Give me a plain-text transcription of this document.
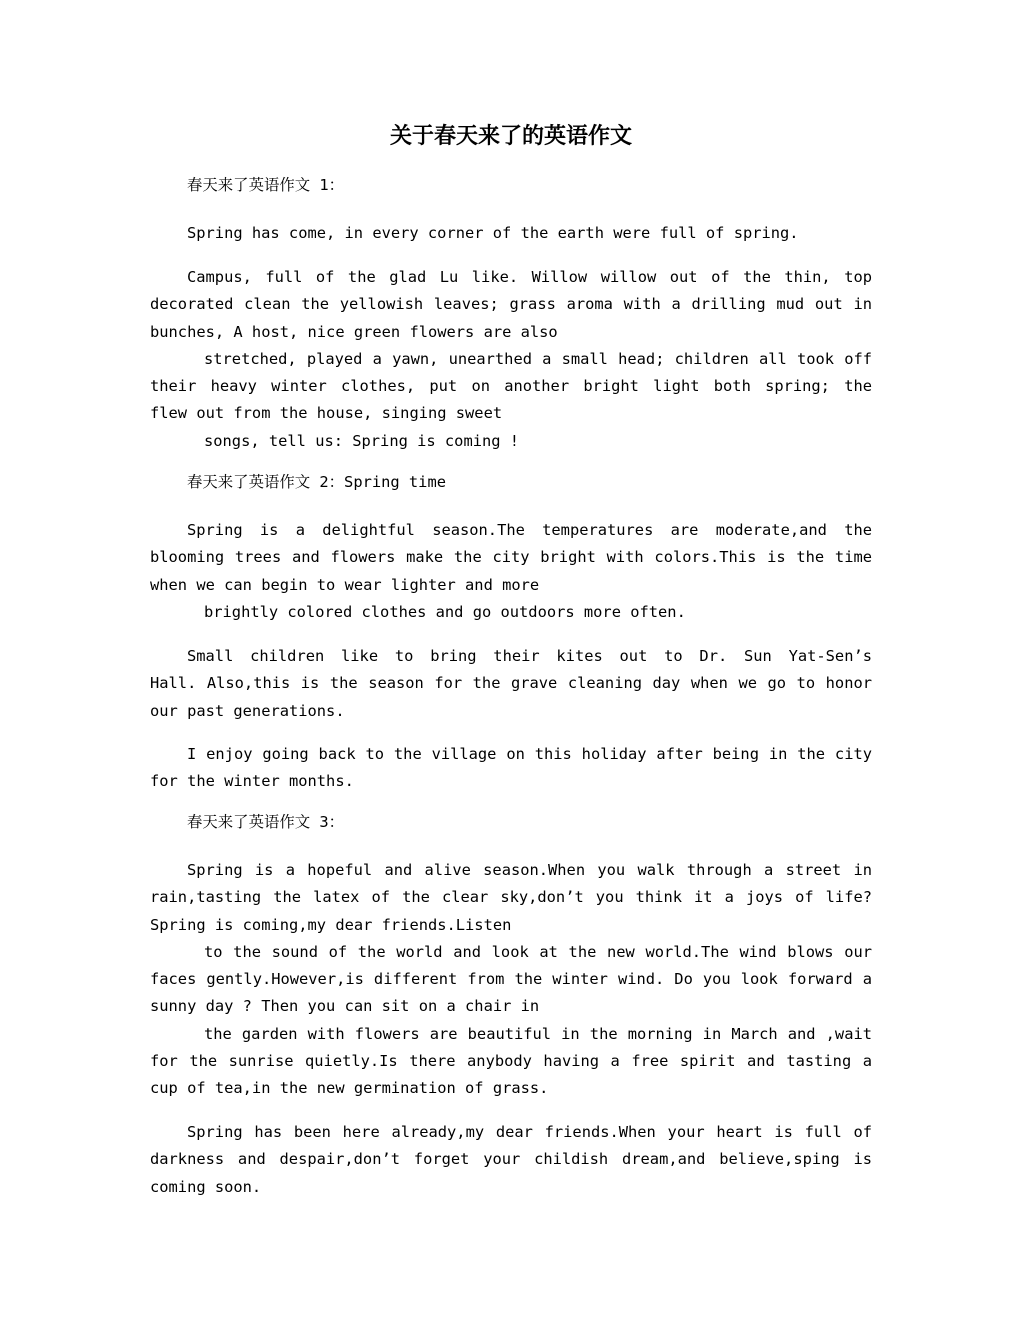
关于春天来了的英语作文
春天来了英语作文 1：
Spring has come, in every corner of the earth were full of spring.
Campus, full of the glad Lu like. Willow willow out of the thin, top
decorated clean the yellowish leaves; grass aroma with a drilling mud out in
bunches, A host, nice green flowers are also
stretched, played a yawn, unearthed a small head; children all took off
their heavy winter clothes, put on another bright light both spring; the
flew out from the house, singing sweet
songs, tell us: Spring is coming !
春天来了英语作文 2：Spring time
Spring is a delightful season.The temperatures are moderate,and the
blooming trees and flowers make the city bright with colors.This is the time
when we can begin to wear lighter and more
brightly colored clothes and go outdoors more often.
Small children like to bring their kites out to Dr. Sun Yat-Sen’s
Hall. Also,this is the season for the grave cleaning day when we go to honor
our past generations.
I enjoy going back to the village on this holiday after being in the city
for the winter months.
春天来了英语作文 3：
Spring is a hopeful and alive season.When you walk through a street in
rain,tasting the latex of the clear sky,don’t you think it a joys of life?
Spring is coming,my dear friends.Listen
to the sound of the world and look at the new world.The wind blows our
faces gently.However,is different from the winter wind. Do you look forward a
sunny day ? Then you can sit on a chair in
the garden with flowers are beautiful in the morning in March and ,wait
for the sunrise quietly.Is there anybody having a free spirit and tasting a
cup of tea,in the new germination of grass.
Spring has been here already,my dear friends.When your heart is full of
darkness and despair,don’t forget your childish dream,and believe,sping is
coming soon.
